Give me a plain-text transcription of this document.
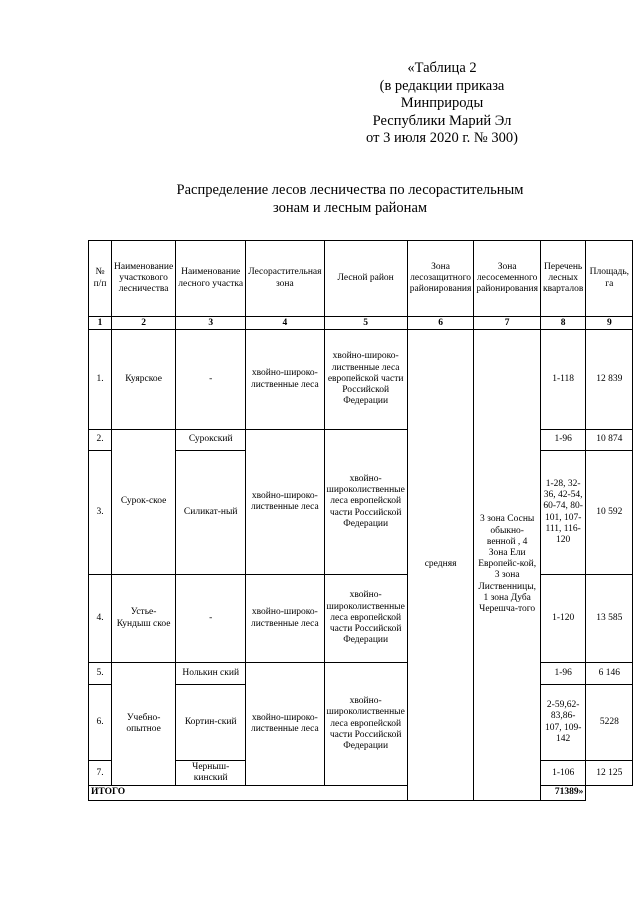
«Таблица 2
(в редакции приказа
Минприроды
Республики Марий Эл
от 3 июля 2020 г. № 300)
Распределение лесов лесничества по лесорастительным
зонам и лесным районам
№ п/п	Наименование участкового лесничества	Наименование лесного участка	Лесорастительная зона	Лесной район	Зона лесозащитного районирования	Зона лесосеменного районирования	Перечень лесных кварталов	Площадь, га
1	2	3	4	5	6	7	8	9
1.	Куярское	-	хвойно-широко-лиственные леса	хвойно-широко-лиственные леса европейской части Российской Федерации	средняя	3 зона Сосны обыкно-венной , 4 Зона Ели Европейс-кой, 3 зона Лиственницы, 1 зона Дуба Черешча-того	1-118	12 839
2.	Сурок-ское	Сурокский	хвойно-широко-лиственные леса	хвойно-широколиственные леса европейской части Российской Федерации			1-96	10 874
3.		Силикат-ный					1-28, 32-36, 42-54, 60-74, 80-101, 107-111, 116-120	10 592
4.	Устье-Кундыш ское	-	хвойно-широко-лиственные леса	хвойно-широколиственные леса европейской части Российской Федерации			1-120	13 585
5.	Учебно-опытное	Нолькин ский	хвойно-широко-лиственные леса	хвойно-широколиственные леса европейской части Российской Федерации			1-96	6 146
6.		Кортин-ский					2-59,62-83,86-107, 109-142	5228
7.		Черныш-кинский					1-106	12 125
ИТОГО							71389»	
